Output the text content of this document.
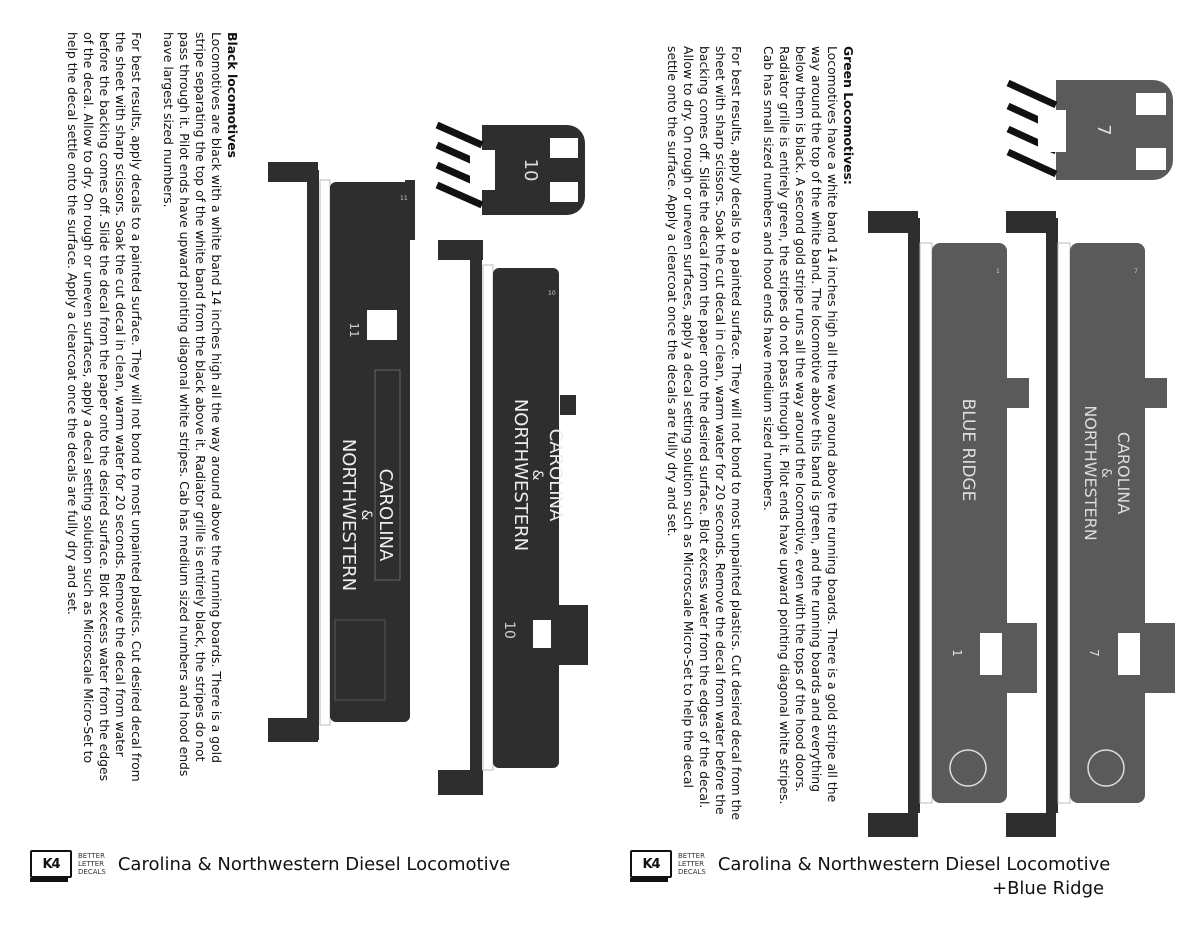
Black locomotives

Locomotives are black with a white band 14 inches high all the way around above the running boards. There is a gold stripe separating the top of the white band from the black above it. Radiator grille is entirely black, the stripes do not pass through it. Pilot ends have upward pointing diagonal white stripes. Cab has medium sized numbers and hood ends have largest sized numbers.

For best results, apply decals to a painted surface. They will not bond to most unpainted plastics. Cut desired decal from the sheet with sharp scissors. Soak the cut decal in clean, warm water for 20 seconds. Remove the decal from water before the backing comes off. Slide the decal from the paper onto the desired surface. Blot excess water from the edges of the decal. Allow to dry. On rough or uneven surfaces, apply a decal setting solution such as Microscale Micro-Set to help the decal settle onto the surface. Apply a clearcoat once the decals are fully dry and set.	10
11
11
CAROLINA
&
NORTHWESTERN
10
10
CAROLINA
&
NORTHWESTERN
K4
BETTER
LETTER
DECALS Carolina & Northwestern Diesel Locomotive

Green Locomotives:

Locomotives have a white band 14 inches high all the way around above the running boards. There is a gold stripe all the way around the top of the white band. The locomotive above this band is green, and the running boards and everything below them is black. A second gold stripe runs all the way around the locomotive, even with the tops of the hood doors. Radiator grille is entirely green, the stripes do not pass through it. Pilot ends have upward pointing diagonal white stripes. Cab has small sized numbers and hood ends have medium sized numbers.

For best results, apply decals to a painted surface. They will not bond to most unpainted plastics. Cut desired decal from the sheet with sharp scissors. Soak the cut decal in clean, warm water for 20 seconds. Remove the decal from water before the backing comes off. Slide the decal from the paper onto the desired surface. Blot excess water from the edges of the decal. Allow to dry. On rough or uneven surfaces, apply a decal setting solution such as Microscale Micro-Set to help the decal settle onto the surface. Apply a clearcoat once the decals are fully dry and set.	7
1
1
BLUE RIDGE
7
7
CAROLINA
&
NORTHWESTERN
K4
BETTER
LETTER
DECALS Carolina & Northwestern Diesel Locomotive
+Blue Ridge
